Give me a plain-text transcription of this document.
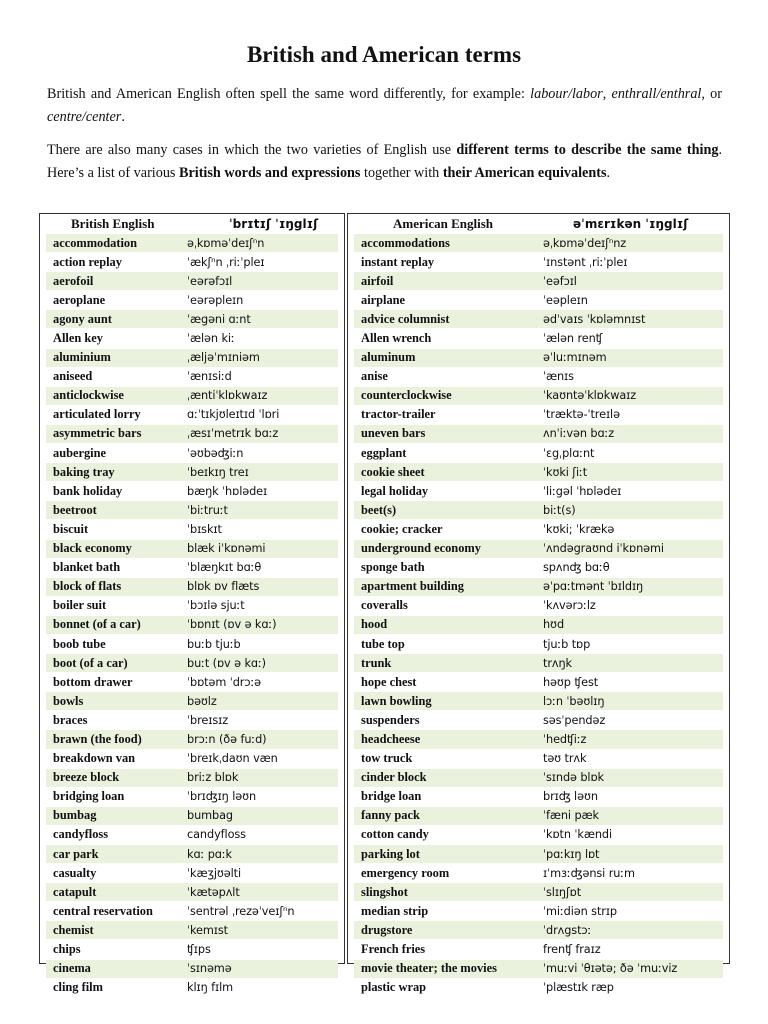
British and American terms

British and American English often spell the same word differently, for example: labour/labor, enthrall/enthral, or centre/center.

There are also many cases in which the two varieties of English use different terms to describe the same thing. Here’s a list of various British words and expressions together with their American equivalents.

British English	ˈbrɪtɪʃ ˈɪŋglɪʃ
accommodation	əˌkɒməˈdeɪʃⁿn
action replay	ˈækʃⁿn ˌriːˈpleɪ
aerofoil	ˈeərəfɔɪl
aeroplane	ˈeərəpleɪn
agony aunt	ˈægəni ɑːnt
Allen key	ˈælən kiː
aluminium	ˌæljəˈmɪniəm
aniseed	ˈænɪsiːd
anticlockwise	ˌæntiˈklɒkwaɪz
articulated lorry	ɑːˈtɪkjʊleɪtɪd ˈlɒri
asymmetric bars	ˌæsɪˈmetrɪk bɑːz
aubergine	ˈəʊbəʤiːn
baking tray	ˈbeɪkɪŋ treɪ
bank holiday	bæŋk ˈhɒlədeɪ
beetroot	ˈbiːtruːt
biscuit	ˈbɪskɪt
black economy	blæk iˈkɒnəmi
blanket bath	ˈblæŋkɪt bɑːθ
block of flats	blɒk ɒv flæts
boiler suit	ˈbɔɪlə sjuːt
bonnet (of a car)	ˈbɒnɪt (ɒv ə kɑː)
boob tube	buːb tjuːb
boot (of a car)	buːt (ɒv ə kɑː)
bottom drawer	ˈbɒtəm ˈdrɔːə
bowls	bəʊlz
braces	ˈbreɪsɪz
brawn (the food)	brɔːn (ðə fuːd)
breakdown van	ˈbreɪkˌdaʊn væn
breeze block	briːz blɒk
bridging loan	ˈbrɪʤɪŋ ləʊn
bumbag	bumbag
candyfloss	candyfloss
car park	kɑː pɑːk
casualty	ˈkæʒjʊəlti
catapult	ˈkætəpʌlt
central reservation	ˈsentrəl ˌrezəˈveɪʃⁿn
chemist	ˈkemɪst
chips	ʧɪps
cinema	ˈsɪnəmə
cling film	klɪŋ fɪlm
American English	əˈmɛrɪkən ˈɪŋglɪʃ
accommodations	əˌkɒməˈdeɪʃⁿnz
instant replay	ˈɪnstənt ˌriːˈpleɪ
airfoil	ˈeəfɔɪl
airplane	ˈeəpleɪn
advice columnist	ədˈvaɪs ˈkɒləmnɪst
Allen wrench	ˈælən renʧ
aluminum	əˈluːmɪnəm
anise	ˈænɪs
counterclockwise	ˈkaʊntəˈklɒkwaɪz
tractor-trailer	ˈtræktə-ˈtreɪlə
uneven bars	ʌnˈiːvən bɑːz
eggplant	ˈɛgˌplɑːnt
cookie sheet	ˈkʊki ʃiːt
legal holiday	ˈliːgəl ˈhɒlədeɪ
beet(s)	biːt(s)
cookie; cracker	ˈkʊki; ˈkrækə
underground economy	ˈʌndəgraʊnd iˈkɒnəmi
sponge bath	spʌnʤ bɑːθ
apartment building	əˈpɑːtmənt ˈbɪldɪŋ
coveralls	ˈkʌvərɔːlz
hood	hʊd
tube top	tjuːb tɒp
trunk	trʌŋk
hope chest	həʊp ʧest
lawn bowling	lɔːn ˈbəʊlɪŋ
suspenders	səsˈpendəz
headcheese	ˈhedʧiːz
tow truck	təʊ trʌk
cinder block	ˈsɪndə blɒk
bridge loan	brɪʤ ləʊn
fanny pack	ˈfæni pæk
cotton candy	ˈkɒtn ˈkændi
parking lot	ˈpɑːkɪŋ lɒt
emergency room	ɪˈmɜːʤənsi ruːm
slingshot	ˈslɪŋʃɒt
median strip	ˈmiːdiən strɪp
drugstore	ˈdrʌgstɔː
French fries	frenʧ fraɪz
movie theater; the movies	ˈmuːvi ˈθɪətə; ðə ˈmuːviz
plastic wrap	ˈplæstɪk ræp
